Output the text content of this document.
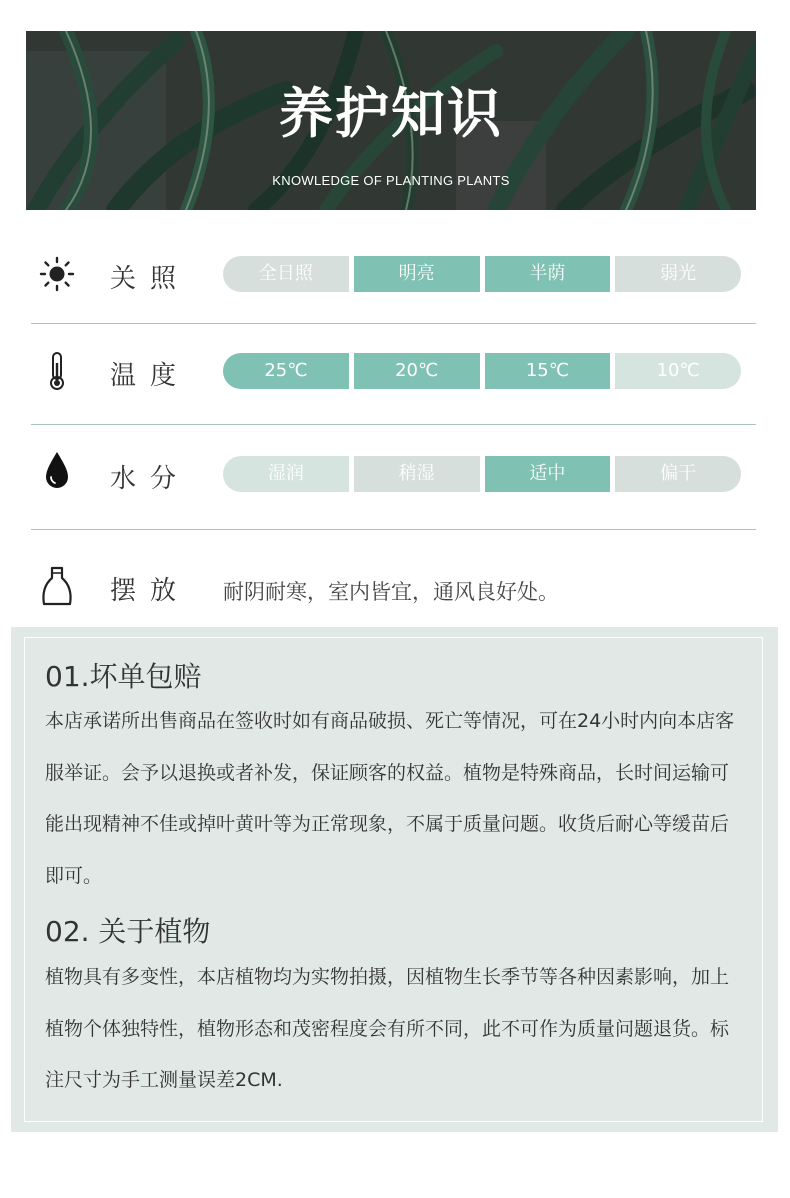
养护知识
KNOWLEDGE OF PLANTING PLANTS
关照	全日照	明亮	半荫	弱光
温度	25℃	20℃	15℃	10℃
水分	湿润	稍湿	适中	偏干
摆放 耐阴耐寒，室内皆宜，通风良好处。
01.坏单包赔
本店承诺所出售商品在签收时如有商品破损、死亡等情况，可在24小时内向本店客服举证。会予以退换或者补发，保证顾客的权益。植物是特殊商品，长时间运输可能出现精神不佳或掉叶黄叶等为正常现象，不属于质量问题。收货后耐心等缓苗后即可。
02. 关于植物
植物具有多变性，本店植物均为实物拍摄，因植物生长季节等各种因素影响，加上植物个体独特性，植物形态和茂密程度会有所不同，此不可作为质量问题退货。标注尺寸为手工测量误差2CM.
